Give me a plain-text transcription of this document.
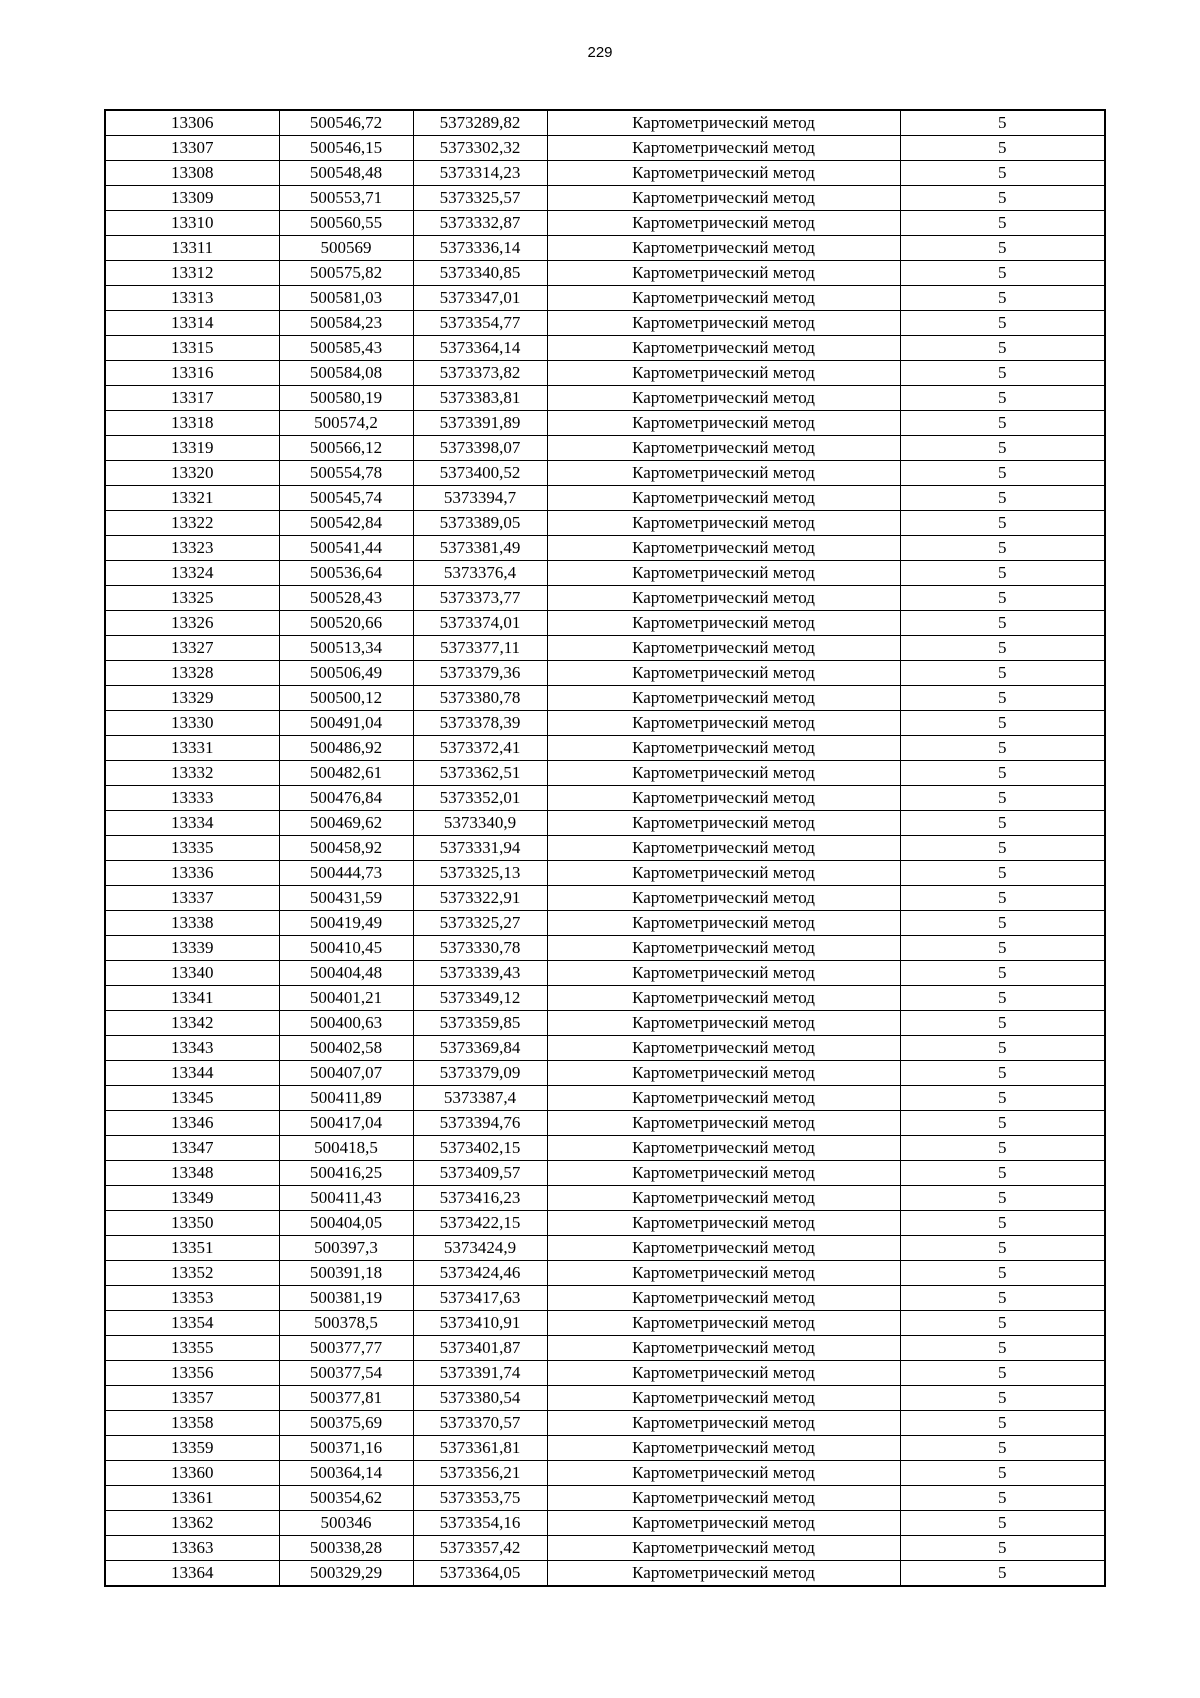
229
13306	500546,72	5373289,82	Картометрический метод	5
13307	500546,15	5373302,32	Картометрический метод	5
13308	500548,48	5373314,23	Картометрический метод	5
13309	500553,71	5373325,57	Картометрический метод	5
13310	500560,55	5373332,87	Картометрический метод	5
13311	500569	5373336,14	Картометрический метод	5
13312	500575,82	5373340,85	Картометрический метод	5
13313	500581,03	5373347,01	Картометрический метод	5
13314	500584,23	5373354,77	Картометрический метод	5
13315	500585,43	5373364,14	Картометрический метод	5
13316	500584,08	5373373,82	Картометрический метод	5
13317	500580,19	5373383,81	Картометрический метод	5
13318	500574,2	5373391,89	Картометрический метод	5
13319	500566,12	5373398,07	Картометрический метод	5
13320	500554,78	5373400,52	Картометрический метод	5
13321	500545,74	5373394,7	Картометрический метод	5
13322	500542,84	5373389,05	Картометрический метод	5
13323	500541,44	5373381,49	Картометрический метод	5
13324	500536,64	5373376,4	Картометрический метод	5
13325	500528,43	5373373,77	Картометрический метод	5
13326	500520,66	5373374,01	Картометрический метод	5
13327	500513,34	5373377,11	Картометрический метод	5
13328	500506,49	5373379,36	Картометрический метод	5
13329	500500,12	5373380,78	Картометрический метод	5
13330	500491,04	5373378,39	Картометрический метод	5
13331	500486,92	5373372,41	Картометрический метод	5
13332	500482,61	5373362,51	Картометрический метод	5
13333	500476,84	5373352,01	Картометрический метод	5
13334	500469,62	5373340,9	Картометрический метод	5
13335	500458,92	5373331,94	Картометрический метод	5
13336	500444,73	5373325,13	Картометрический метод	5
13337	500431,59	5373322,91	Картометрический метод	5
13338	500419,49	5373325,27	Картометрический метод	5
13339	500410,45	5373330,78	Картометрический метод	5
13340	500404,48	5373339,43	Картометрический метод	5
13341	500401,21	5373349,12	Картометрический метод	5
13342	500400,63	5373359,85	Картометрический метод	5
13343	500402,58	5373369,84	Картометрический метод	5
13344	500407,07	5373379,09	Картометрический метод	5
13345	500411,89	5373387,4	Картометрический метод	5
13346	500417,04	5373394,76	Картометрический метод	5
13347	500418,5	5373402,15	Картометрический метод	5
13348	500416,25	5373409,57	Картометрический метод	5
13349	500411,43	5373416,23	Картометрический метод	5
13350	500404,05	5373422,15	Картометрический метод	5
13351	500397,3	5373424,9	Картометрический метод	5
13352	500391,18	5373424,46	Картометрический метод	5
13353	500381,19	5373417,63	Картометрический метод	5
13354	500378,5	5373410,91	Картометрический метод	5
13355	500377,77	5373401,87	Картометрический метод	5
13356	500377,54	5373391,74	Картометрический метод	5
13357	500377,81	5373380,54	Картометрический метод	5
13358	500375,69	5373370,57	Картометрический метод	5
13359	500371,16	5373361,81	Картометрический метод	5
13360	500364,14	5373356,21	Картометрический метод	5
13361	500354,62	5373353,75	Картометрический метод	5
13362	500346	5373354,16	Картометрический метод	5
13363	500338,28	5373357,42	Картометрический метод	5
13364	500329,29	5373364,05	Картометрический метод	5
